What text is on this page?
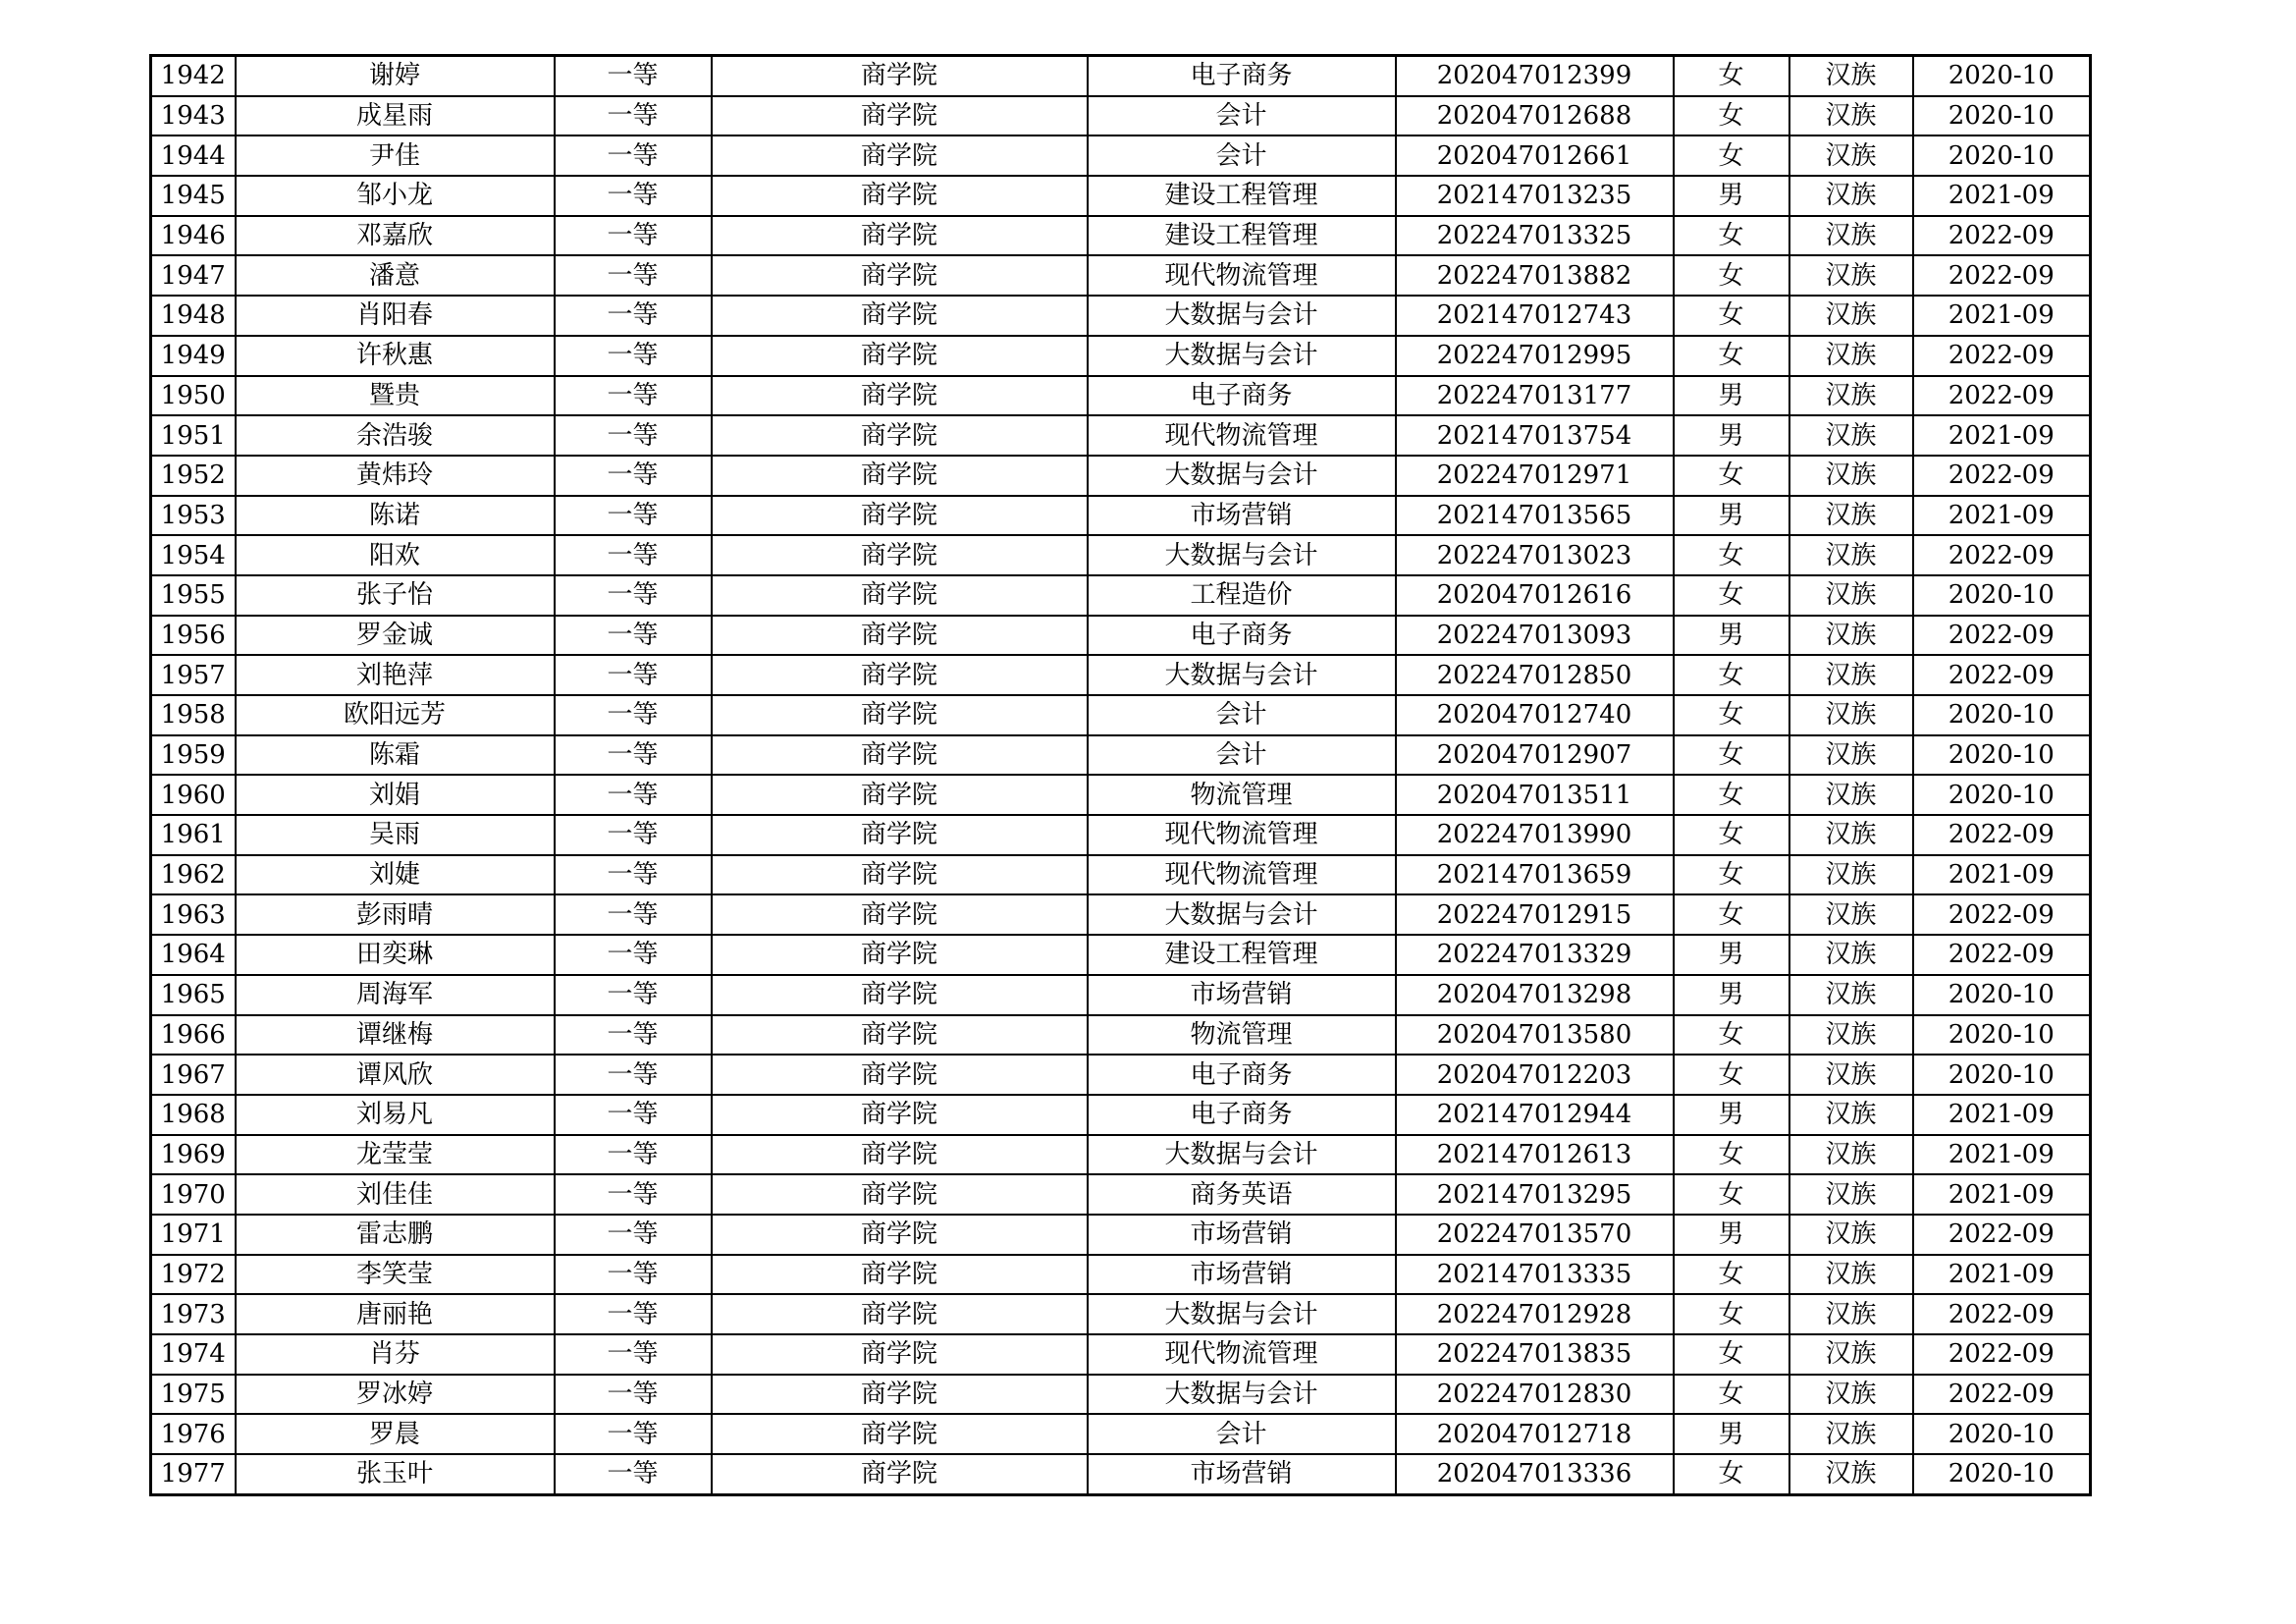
1942	谢婷	一等	商学院	电子商务	202047012399	女	汉族	2020-10
1943	成星雨	一等	商学院	会计	202047012688	女	汉族	2020-10
1944	尹佳	一等	商学院	会计	202047012661	女	汉族	2020-10
1945	邹小龙	一等	商学院	建设工程管理	202147013235	男	汉族	2021-09
1946	邓嘉欣	一等	商学院	建设工程管理	202247013325	女	汉族	2022-09
1947	潘意	一等	商学院	现代物流管理	202247013882	女	汉族	2022-09
1948	肖阳春	一等	商学院	大数据与会计	202147012743	女	汉族	2021-09
1949	许秋惠	一等	商学院	大数据与会计	202247012995	女	汉族	2022-09
1950	暨贵	一等	商学院	电子商务	202247013177	男	汉族	2022-09
1951	余浩骏	一等	商学院	现代物流管理	202147013754	男	汉族	2021-09
1952	黄炜玲	一等	商学院	大数据与会计	202247012971	女	汉族	2022-09
1953	陈诺	一等	商学院	市场营销	202147013565	男	汉族	2021-09
1954	阳欢	一等	商学院	大数据与会计	202247013023	女	汉族	2022-09
1955	张子怡	一等	商学院	工程造价	202047012616	女	汉族	2020-10
1956	罗金诚	一等	商学院	电子商务	202247013093	男	汉族	2022-09
1957	刘艳萍	一等	商学院	大数据与会计	202247012850	女	汉族	2022-09
1958	欧阳远芳	一等	商学院	会计	202047012740	女	汉族	2020-10
1959	陈霜	一等	商学院	会计	202047012907	女	汉族	2020-10
1960	刘娟	一等	商学院	物流管理	202047013511	女	汉族	2020-10
1961	吴雨	一等	商学院	现代物流管理	202247013990	女	汉族	2022-09
1962	刘婕	一等	商学院	现代物流管理	202147013659	女	汉族	2021-09
1963	彭雨晴	一等	商学院	大数据与会计	202247012915	女	汉族	2022-09
1964	田奕琳	一等	商学院	建设工程管理	202247013329	男	汉族	2022-09
1965	周海军	一等	商学院	市场营销	202047013298	男	汉族	2020-10
1966	谭继梅	一等	商学院	物流管理	202047013580	女	汉族	2020-10
1967	谭风欣	一等	商学院	电子商务	202047012203	女	汉族	2020-10
1968	刘易凡	一等	商学院	电子商务	202147012944	男	汉族	2021-09
1969	龙莹莹	一等	商学院	大数据与会计	202147012613	女	汉族	2021-09
1970	刘佳佳	一等	商学院	商务英语	202147013295	女	汉族	2021-09
1971	雷志鹏	一等	商学院	市场营销	202247013570	男	汉族	2022-09
1972	李笑莹	一等	商学院	市场营销	202147013335	女	汉族	2021-09
1973	唐丽艳	一等	商学院	大数据与会计	202247012928	女	汉族	2022-09
1974	肖芬	一等	商学院	现代物流管理	202247013835	女	汉族	2022-09
1975	罗冰婷	一等	商学院	大数据与会计	202247012830	女	汉族	2022-09
1976	罗晨	一等	商学院	会计	202047012718	男	汉族	2020-10
1977	张玉叶	一等	商学院	市场营销	202047013336	女	汉族	2020-10
